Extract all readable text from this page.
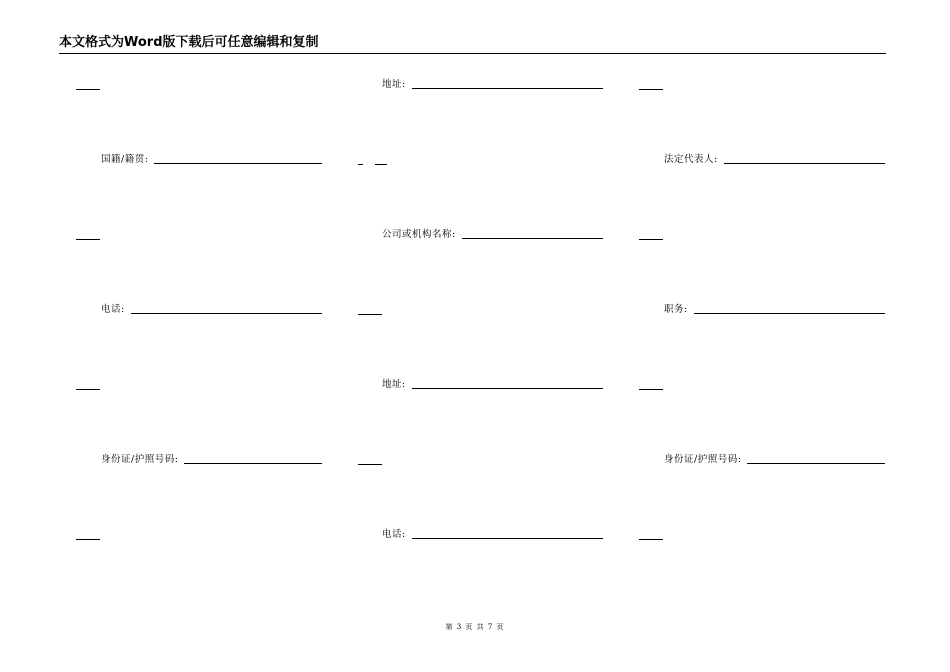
本文格式为Word版下载后可任意编辑和复制
地址:
国籍/籍贯:	法定代表人:
公司或机构名称:
电话:	职务:
地址:
身份证/护照号码:	身份证/护照号码:
电话:
第 3 页 共 7 页
